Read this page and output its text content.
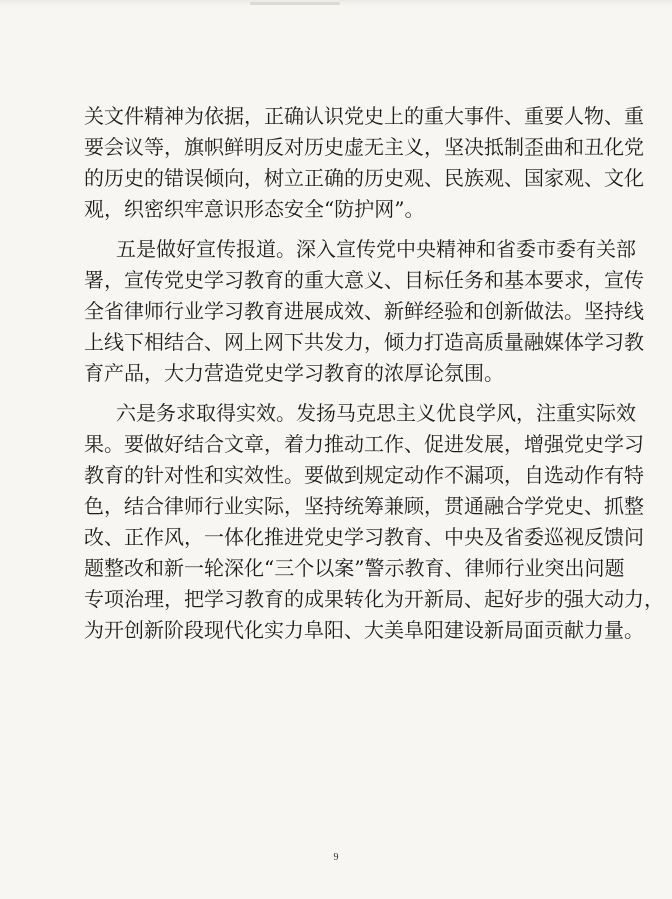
关文件精神为依据，正确认识党史上的重大事件、重要人物、重
要会议等，旗帜鲜明反对历史虚无主义，坚决抵制歪曲和丑化党
的历史的错误倾向，树立正确的历史观、民族观、国家观、文化
观，织密织牢意识形态安全“防护网”。

五是做好宣传报道。深入宣传党中央精神和省委市委有关部
署，宣传党史学习教育的重大意义、目标任务和基本要求，宣传
全省律师行业学习教育进展成效、新鲜经验和创新做法。坚持线
上线下相结合、网上网下共发力，倾力打造高质量融媒体学习教
育产品，大力营造党史学习教育的浓厚论氛围。

六是务求取得实效。发扬马克思主义优良学风，注重实际效
果。要做好结合文章，着力推动工作、促进发展，增强党史学习
教育的针对性和实效性。要做到规定动作不漏项，自选动作有特
色，结合律师行业实际，坚持统筹兼顾，贯通融合学党史、抓整
改、正作风，一体化推进党史学习教育、中央及省委巡视反馈问
题整改和新一轮深化“三个以案”警示教育、律师行业突出问题
专项治理，把学习教育的成果转化为开新局、起好步的强大动力，
为开创新阶段现代化实力阜阳、大美阜阳建设新局面贡献力量。

9
